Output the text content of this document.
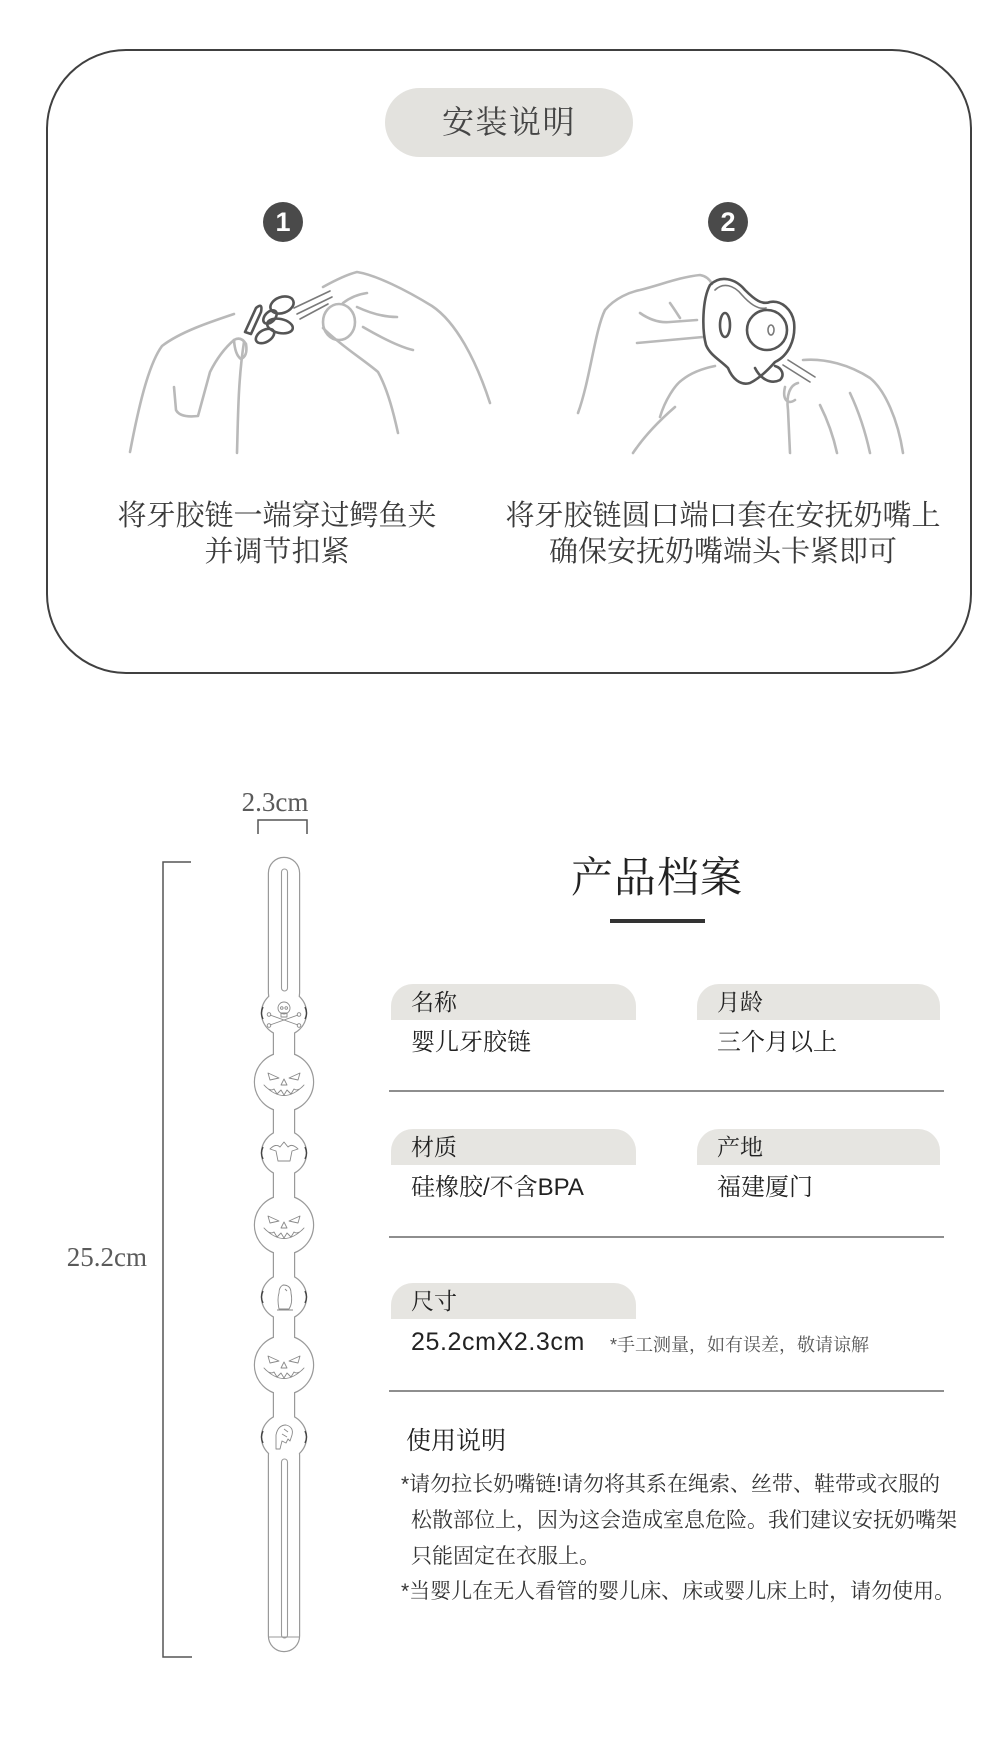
安装说明
1
将牙胶链一端穿过鳄鱼夹
并调节扣紧
2
将牙胶链圆口端口套在安抚奶嘴上
确保安抚奶嘴端头卡紧即可
2.3cm
25.2cm
产品档案
名称
婴儿牙胶链
月龄
三个月以上
材质
硅橡胶/不含BPA
产地
福建厦门
尺寸
25.2cmX2.3cm *手工测量，如有误差，敬请谅解
使用说明
*请勿拉长奶嘴链!请勿将其系在绳索、丝带、鞋带或衣服的
松散部位上，因为这会造成室息危险。我们建议安抚奶嘴架
只能固定在衣服上。
*当婴儿在无人看管的婴儿床、床或婴儿床上时，请勿使用。
